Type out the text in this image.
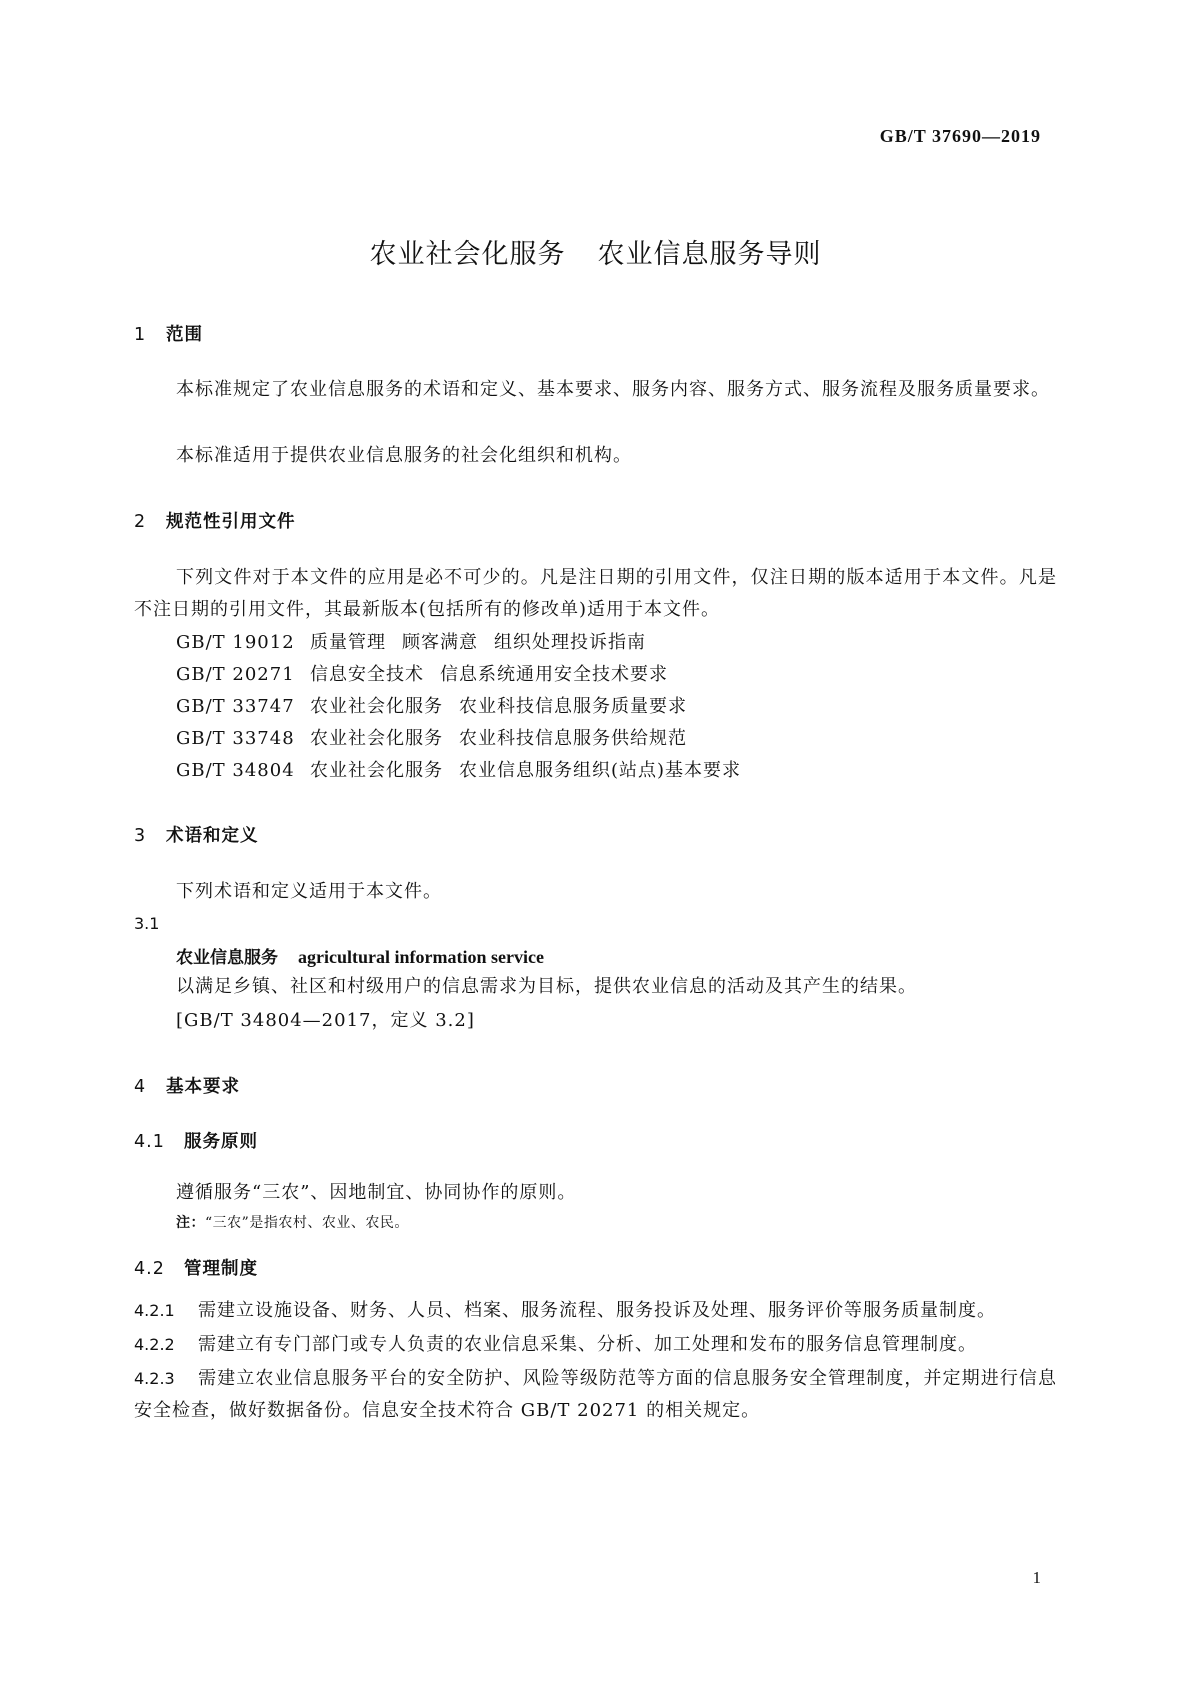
GB/T 37690—2019
农业社会化服务 农业信息服务导则
1 范围
本标准规定了农业信息服务的术语和定义、基本要求、服务内容、服务方式、服务流程及服务质量要求。
本标准适用于提供农业信息服务的社会化组织和机构。
2 规范性引用文件
下列文件对于本文件的应用是必不可少的。凡是注日期的引用文件，仅注日期的版本适用于本文件。凡是不注日期的引用文件，其最新版本(包括所有的修改单)适用于本文件。
GB/T 19012 质量管理 顾客满意 组织处理投诉指南
GB/T 20271 信息安全技术 信息系统通用安全技术要求
GB/T 33747 农业社会化服务 农业科技信息服务质量要求
GB/T 33748 农业社会化服务 农业科技信息服务供给规范
GB/T 34804 农业社会化服务 农业信息服务组织(站点)基本要求
3 术语和定义
下列术语和定义适用于本文件。
3.1
农业信息服务 agricultural information service
以满足乡镇、社区和村级用户的信息需求为目标，提供农业信息的活动及其产生的结果。
[GB/T 34804—2017，定义 3.2]
4 基本要求
4.1 服务原则
遵循服务“三农”、因地制宜、协同协作的原则。
注：“三农”是指农村、农业、农民。
4.2 管理制度
4.2.1 需建立设施设备、财务、人员、档案、服务流程、服务投诉及处理、服务评价等服务质量制度。
4.2.2 需建立有专门部门或专人负责的农业信息采集、分析、加工处理和发布的服务信息管理制度。
4.2.3 需建立农业信息服务平台的安全防护、风险等级防范等方面的信息服务安全管理制度，并定期进行信息安全检查，做好数据备份。信息安全技术符合 GB/T 20271 的相关规定。
1
